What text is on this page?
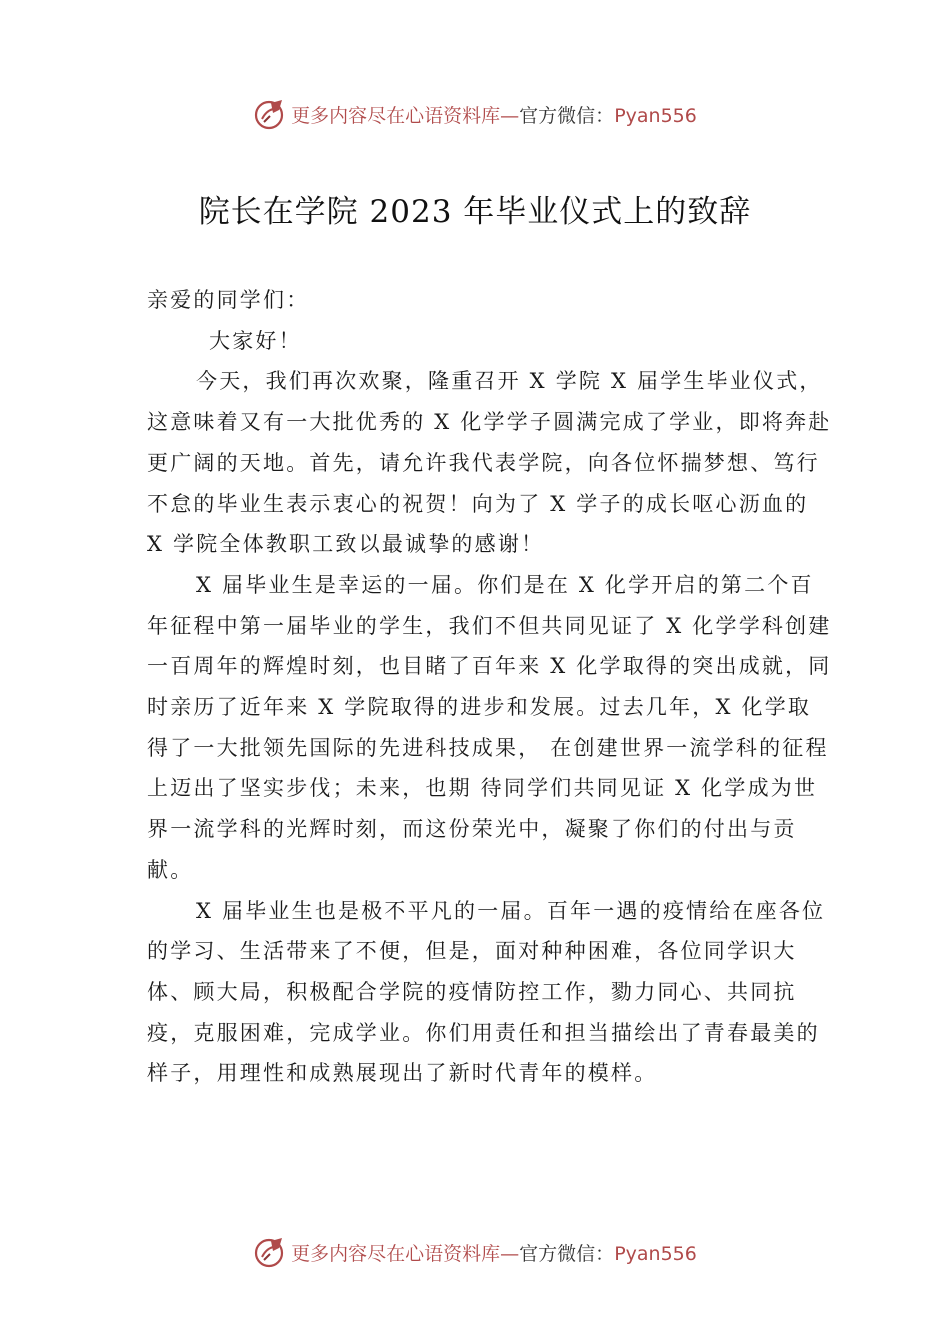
更多内容尽在心语资料库—官方微信：Pyan556
院长在学院 2023 年毕业仪式上的致辞

亲爱的同学们：

大家好！

今天，我们再次欢聚，隆重召开 X 学院 X 届学生毕业仪式，这意味着又有一大批优秀的 X 化学学子圆满完成了学业，即将奔赴更广阔的天地。首先，请允许我代表学院，向各位怀揣梦想、笃行不怠的毕业生表示衷心的祝贺！向为了 X 学子的成长呕心沥血的 X 学院全体教职工致以最诚挚的感谢！

X 届毕业生是幸运的一届。你们是在 X 化学开启的第二个百年征程中第一届毕业的学生，我们不但共同见证了 X 化学学科创建一百周年的辉煌时刻，也目睹了百年来 X 化学取得的突出成就，同时亲历了近年来 X 学院取得的进步和发展。过去几年，X 化学取得了一大批领先国际的先进科技成果， 在创建世界一流学科的征程上迈出了坚实步伐；未来，也期 待同学们共同见证 X 化学成为世界一流学科的光辉时刻，而这份荣光中，凝聚了你们的付出与贡献。

X 届毕业生也是极不平凡的一届。百年一遇的疫情给在座各位的学习、生活带来了不便，但是，面对种种困难，各位同学识大体、顾大局，积极配合学院的疫情防控工作，勠力同心、共同抗疫，克服困难，完成学业。你们用责任和担当描绘出了青春最美的样子，用理性和成熟展现出了新时代青年的模样。

更多内容尽在心语资料库—官方微信：Pyan556
